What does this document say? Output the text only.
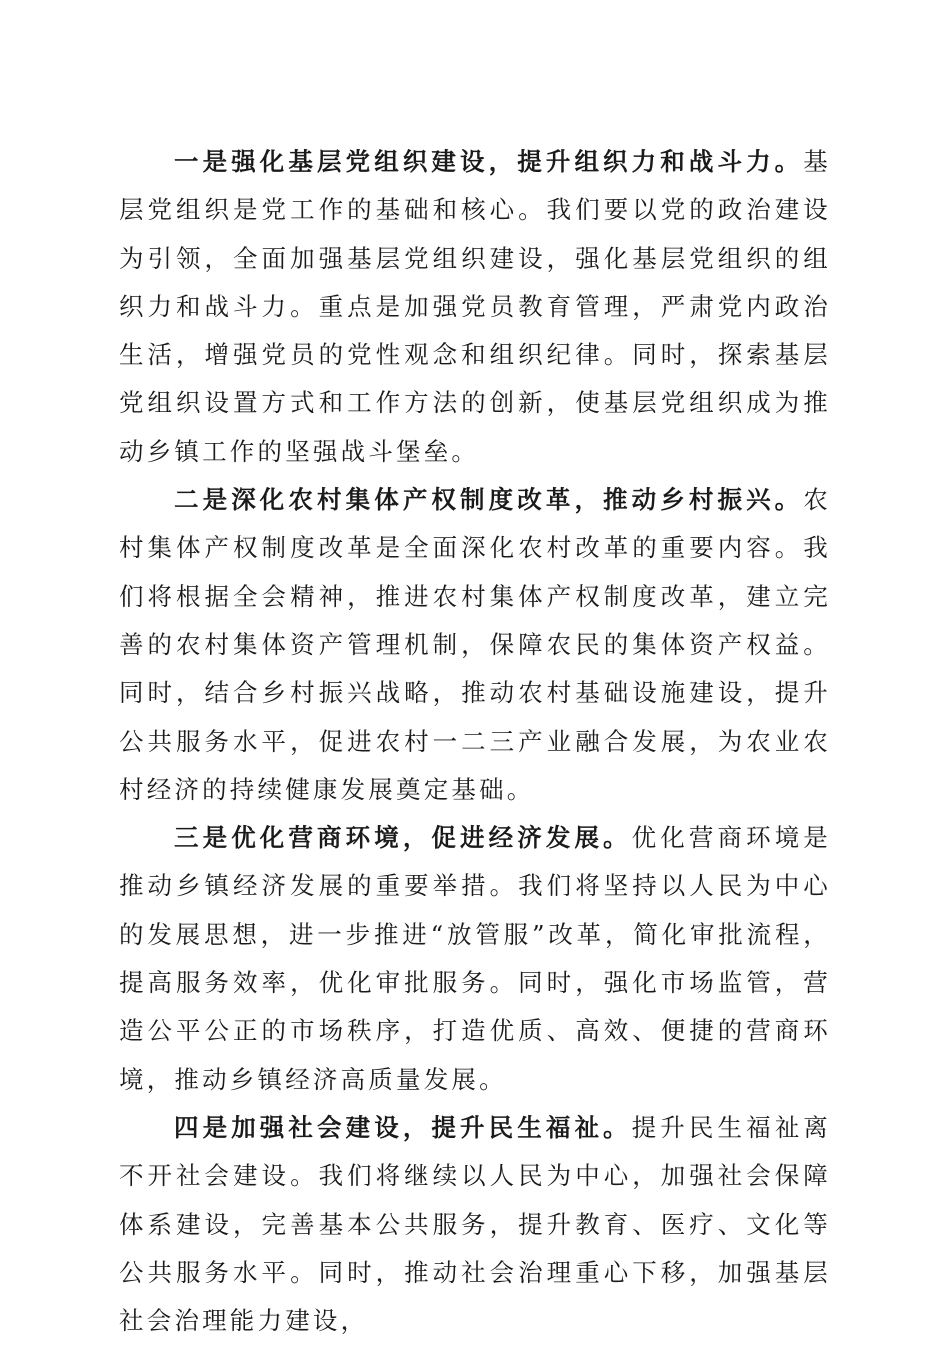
一是强化基层党组织建设，提升组织力和战斗力。基层党组织是党工作的基础和核心。我们要以党的政治建设为引领，全面加强基层党组织建设，强化基层党组织的组织力和战斗力。重点是加强党员教育管理，严肃党内政治生活，增强党员的党性观念和组织纪律。同时，探索基层党组织设置方式和工作方法的创新，使基层党组织成为推动乡镇工作的坚强战斗堡垒。

二是深化农村集体产权制度改革，推动乡村振兴。农村集体产权制度改革是全面深化农村改革的重要内容。我们将根据全会精神，推进农村集体产权制度改革，建立完善的农村集体资产管理机制，保障农民的集体资产权益。同时，结合乡村振兴战略，推动农村基础设施建设，提升公共服务水平，促进农村一二三产业融合发展，为农业农村经济的持续健康发展奠定基础。

三是优化营商环境，促进经济发展。优化营商环境是推动乡镇经济发展的重要举措。我们将坚持以人民为中心的发展思想，进一步推进“放管服”改革，简化审批流程，提高服务效率，优化审批服务。同时，强化市场监管，营造公平公正的市场秩序，打造优质、高效、便捷的营商环境，推动乡镇经济高质量发展。

四是加强社会建设，提升民生福祉。提升民生福祉离不开社会建设。我们将继续以人民为中心，加强社会保障体系建设，完善基本公共服务，提升教育、医疗、文化等公共服务水平。同时，推动社会治理重心下移，加强基层社会治理能力建设，
